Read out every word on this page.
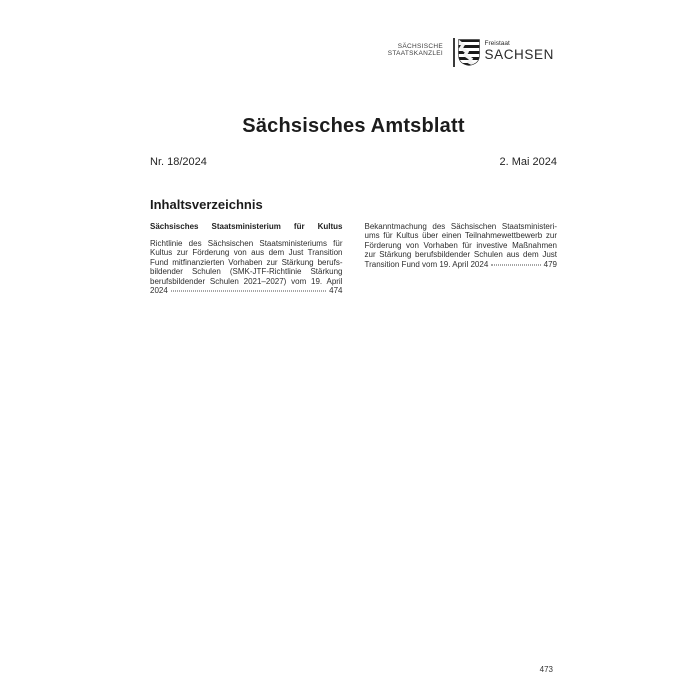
SÄCHSISCHE
STAATSKANZLEI
Freistaat
SACHSEN
Sächsisches Amtsblatt
Nr. 18/2024	2. Mai 2024
Inhaltsverzeichnis
Sächsisches Staatsministerium für Kultus
Richtlinie des Sächsischen Staatsministeriums für
Kultus zur Förderung von aus dem Just Transition
Fund mitfinanzierten Vorhaben zur Stärkung berufs-
bildender Schulen (SMK-JTF-Richtlinie Stärkung
berufsbildender Schulen 2021–2027) vom 19. April
2024	474
Bekanntmachung des Sächsischen Staatsministeri-
ums für Kultus über einen Teilnahmewettbewerb zur
Förderung von Vorhaben für investive Maßnahmen
zur Stärkung berufsbildender Schulen aus dem Just
Transition Fund vom 19. April 2024	479
473
